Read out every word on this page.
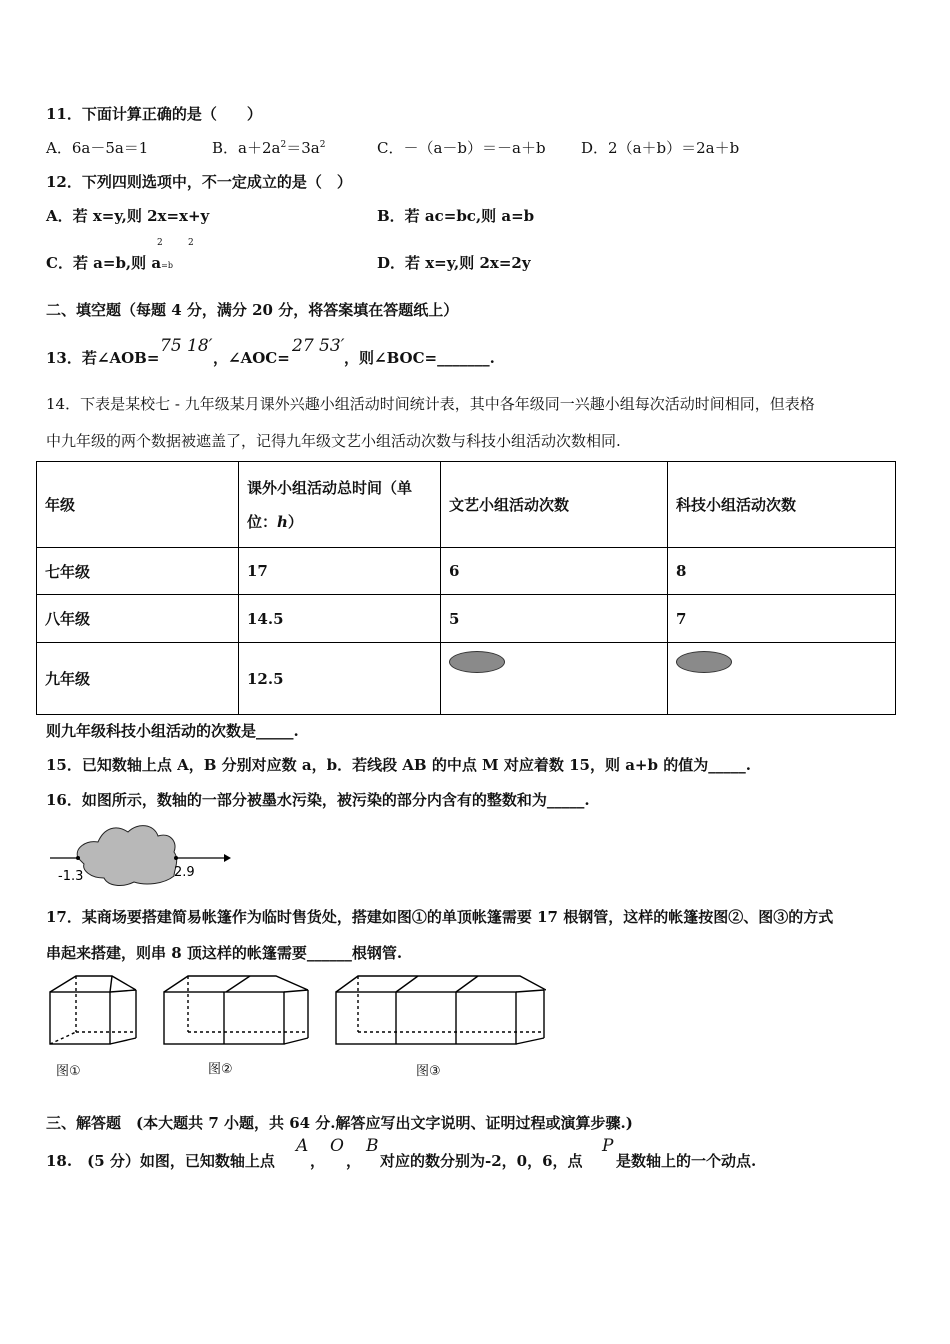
11．下面计算正确的是（　　）
A．6a－5a＝1	B．$a+2a^2=3a^2$	C．－（a－b）＝－a＋b D．2（a＋b）＝2a＋b
12．下列四则选项中，不一定成立的是（　）
A．若 x=y,则 2x=x+y	B．若 ac=bc,则 a=b
C．若 a=b,则 a=b
2	2
D．若 x=y,则 2x=2y
二、填空题（每题 4 分，满分 20 分，将答案填在答题纸上）
13．若∠AOB=
75 18′
，∠AOC=
27 53′
，则∠BOC=_______.
14．下表是某校七 - 九年级某月课外兴趣小组活动时间统计表，其中各年级同一兴趣小组每次活动时间相同，但表格
中九年级的两个数据被遮盖了，记得九年级文艺小组活动次数与科技小组活动次数相同.
年级	课外小组活动总时间（单
位：h）	文艺小组活动次数	科技小组活动次数
七年级	17	6	8
八年级	14.5	5	7
九年级	12.5		
则九年级科技小组活动的次数是_____.
15．已知数轴上点 A，B 分别对应数 a，b．若线段 AB 的中点 M 对应着数 15，则 a+b 的值为_____.
16．如图所示，数轴的一部分被墨水污染，被污染的部分内含有的整数和为_____.
-1.3	2.9
17．某商场要搭建简易帐篷作为临时售货处，搭建如图①的单顶帐篷需要 17 根钢管，这样的帐篷按图②、图③的方式
串起来搭建，则串 8 顶这样的帐篷需要______根钢管.
图①	图②	图③
三、解答题　(本大题共 7 小题，共 64 分.解答应写出文字说明、证明过程或演算步骤.)
18.　(5 分）如图，已知数轴上点
A
，
O
，
B
对应的数分别为-2，0，6，点
P
是数轴上的一个动点.
